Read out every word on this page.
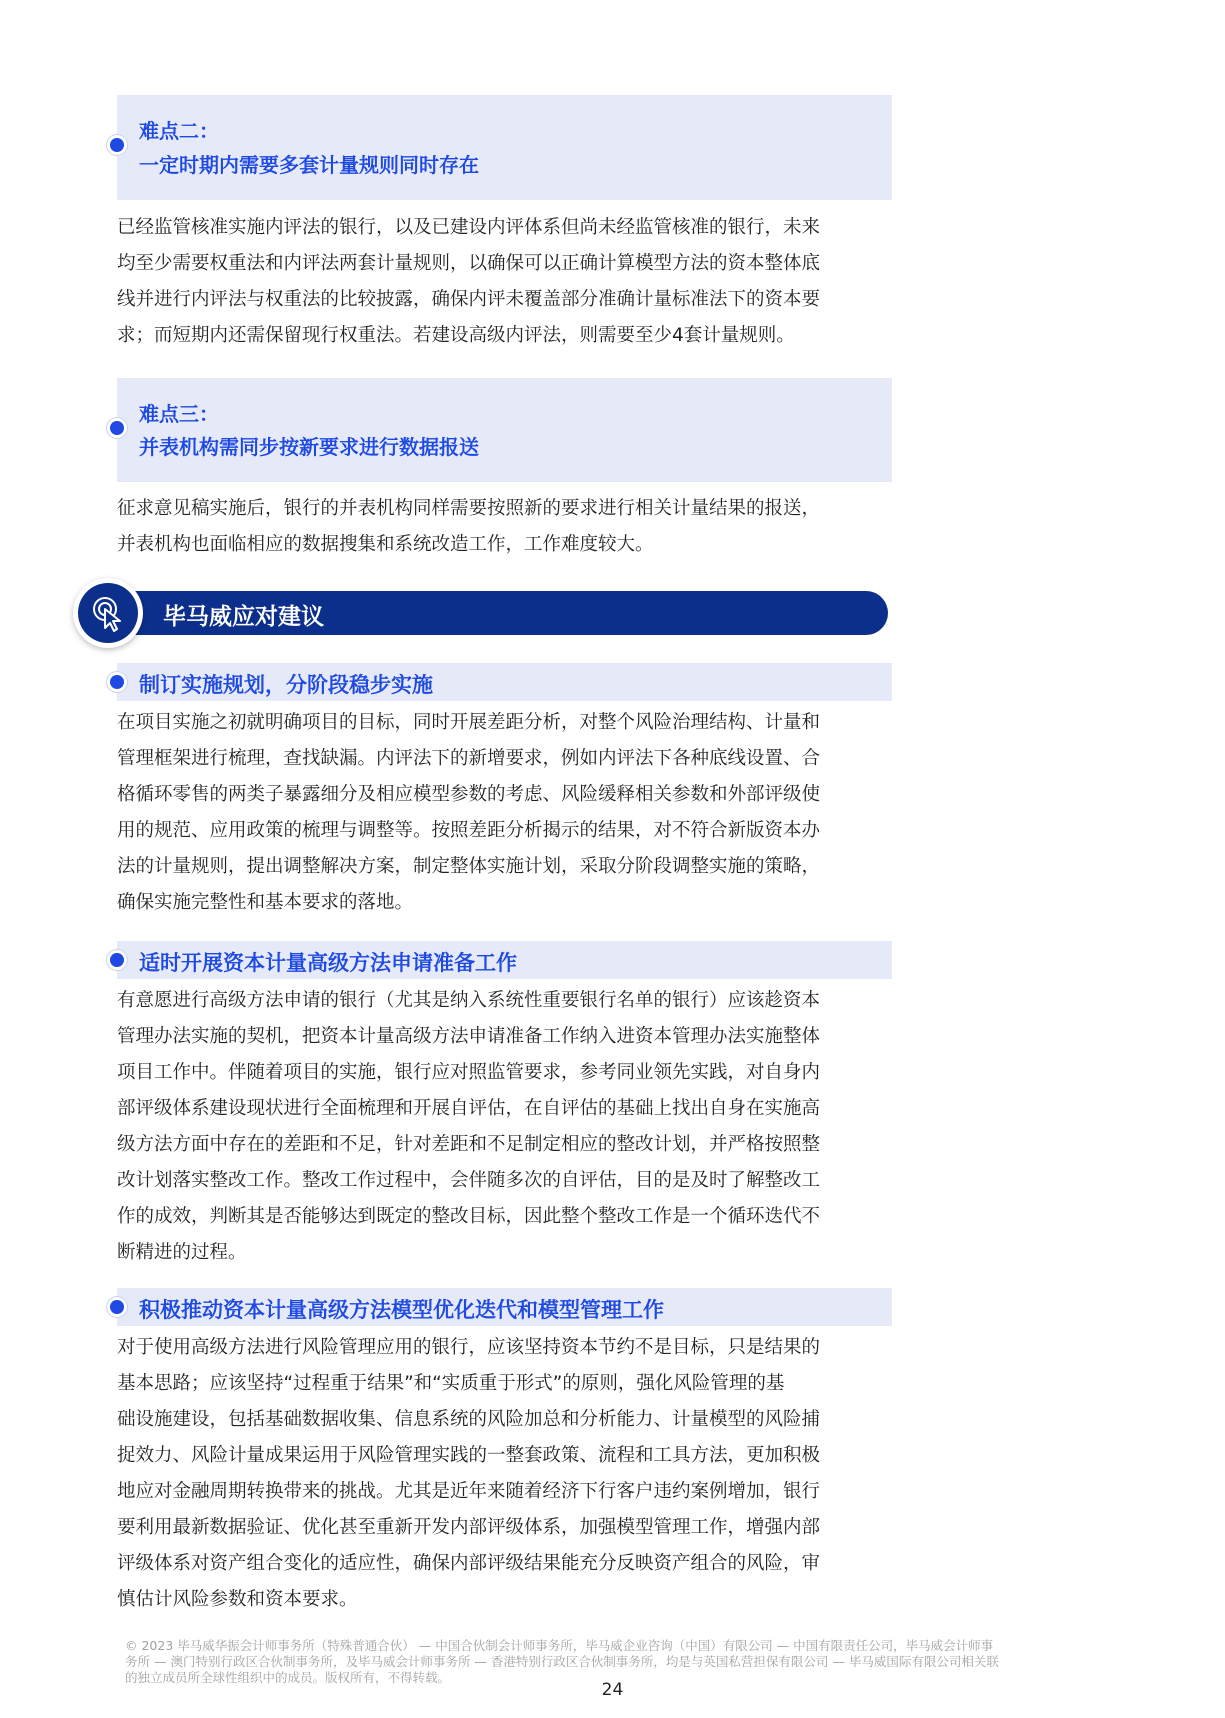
难点二：
一定时期内需要多套计量规则同时存在
已经监管核准实施内评法的银行，以及已建设内评体系但尚未经监管核准的银行，未来
均至少需要权重法和内评法两套计量规则，以确保可以正确计算模型方法的资本整体底
线并进行内评法与权重法的比较披露，确保内评未覆盖部分准确计量标准法下的资本要
求；而短期内还需保留现行权重法。若建设高级内评法，则需要至少4套计量规则。
难点三：
并表机构需同步按新要求进行数据报送
征求意见稿实施后，银行的并表机构同样需要按照新的要求进行相关计量结果的报送，
并表机构也面临相应的数据搜集和系统改造工作，工作难度较大。
毕马威应对建议
制订实施规划，分阶段稳步实施
在项目实施之初就明确项目的目标，同时开展差距分析，对整个风险治理结构、计量和
管理框架进行梳理，查找缺漏。内评法下的新增要求，例如内评法下各种底线设置、合
格循环零售的两类子暴露细分及相应模型参数的考虑、风险缓释相关参数和外部评级使
用的规范、应用政策的梳理与调整等。按照差距分析揭示的结果，对不符合新版资本办
法的计量规则，提出调整解决方案，制定整体实施计划，采取分阶段调整实施的策略，
确保实施完整性和基本要求的落地。
适时开展资本计量高级方法申请准备工作
有意愿进行高级方法申请的银行（尤其是纳入系统性重要银行名单的银行）应该趁资本
管理办法实施的契机，把资本计量高级方法申请准备工作纳入进资本管理办法实施整体
项目工作中。伴随着项目的实施，银行应对照监管要求，参考同业领先实践，对自身内
部评级体系建设现状进行全面梳理和开展自评估，在自评估的基础上找出自身在实施高
级方法方面中存在的差距和不足，针对差距和不足制定相应的整改计划，并严格按照整
改计划落实整改工作。整改工作过程中，会伴随多次的自评估，目的是及时了解整改工
作的成效，判断其是否能够达到既定的整改目标，因此整个整改工作是一个循环迭代不
断精进的过程。
积极推动资本计量高级方法模型优化迭代和模型管理工作
对于使用高级方法进行风险管理应用的银行，应该坚持资本节约不是目标，只是结果的
基本思路；应该坚持“过程重于结果”和“实质重于形式”的原则，强化风险管理的基
础设施建设，包括基础数据收集、信息系统的风险加总和分析能力、计量模型的风险捕
捉效力、风险计量成果运用于风险管理实践的一整套政策、流程和工具方法，更加积极
地应对金融周期转换带来的挑战。尤其是近年来随着经济下行客户违约案例增加，银行
要利用最新数据验证、优化甚至重新开发内部评级体系，加强模型管理工作，增强内部
评级体系对资产组合变化的适应性，确保内部评级结果能充分反映资产组合的风险，审
慎估计风险参数和资本要求。
© 2023 毕马威华振会计师事务所（特殊普通合伙） — 中国合伙制会计师事务所，毕马威企业咨询（中国）有限公司 — 中国有限责任公司，毕马威会计师事
务所 — 澳门特别行政区合伙制事务所，及毕马威会计师事务所 — 香港特别行政区合伙制事务所，均是与英国私营担保有限公司 — 毕马威国际有限公司相关联
的独立成员所全球性组织中的成员。版权所有，不得转载。
24
